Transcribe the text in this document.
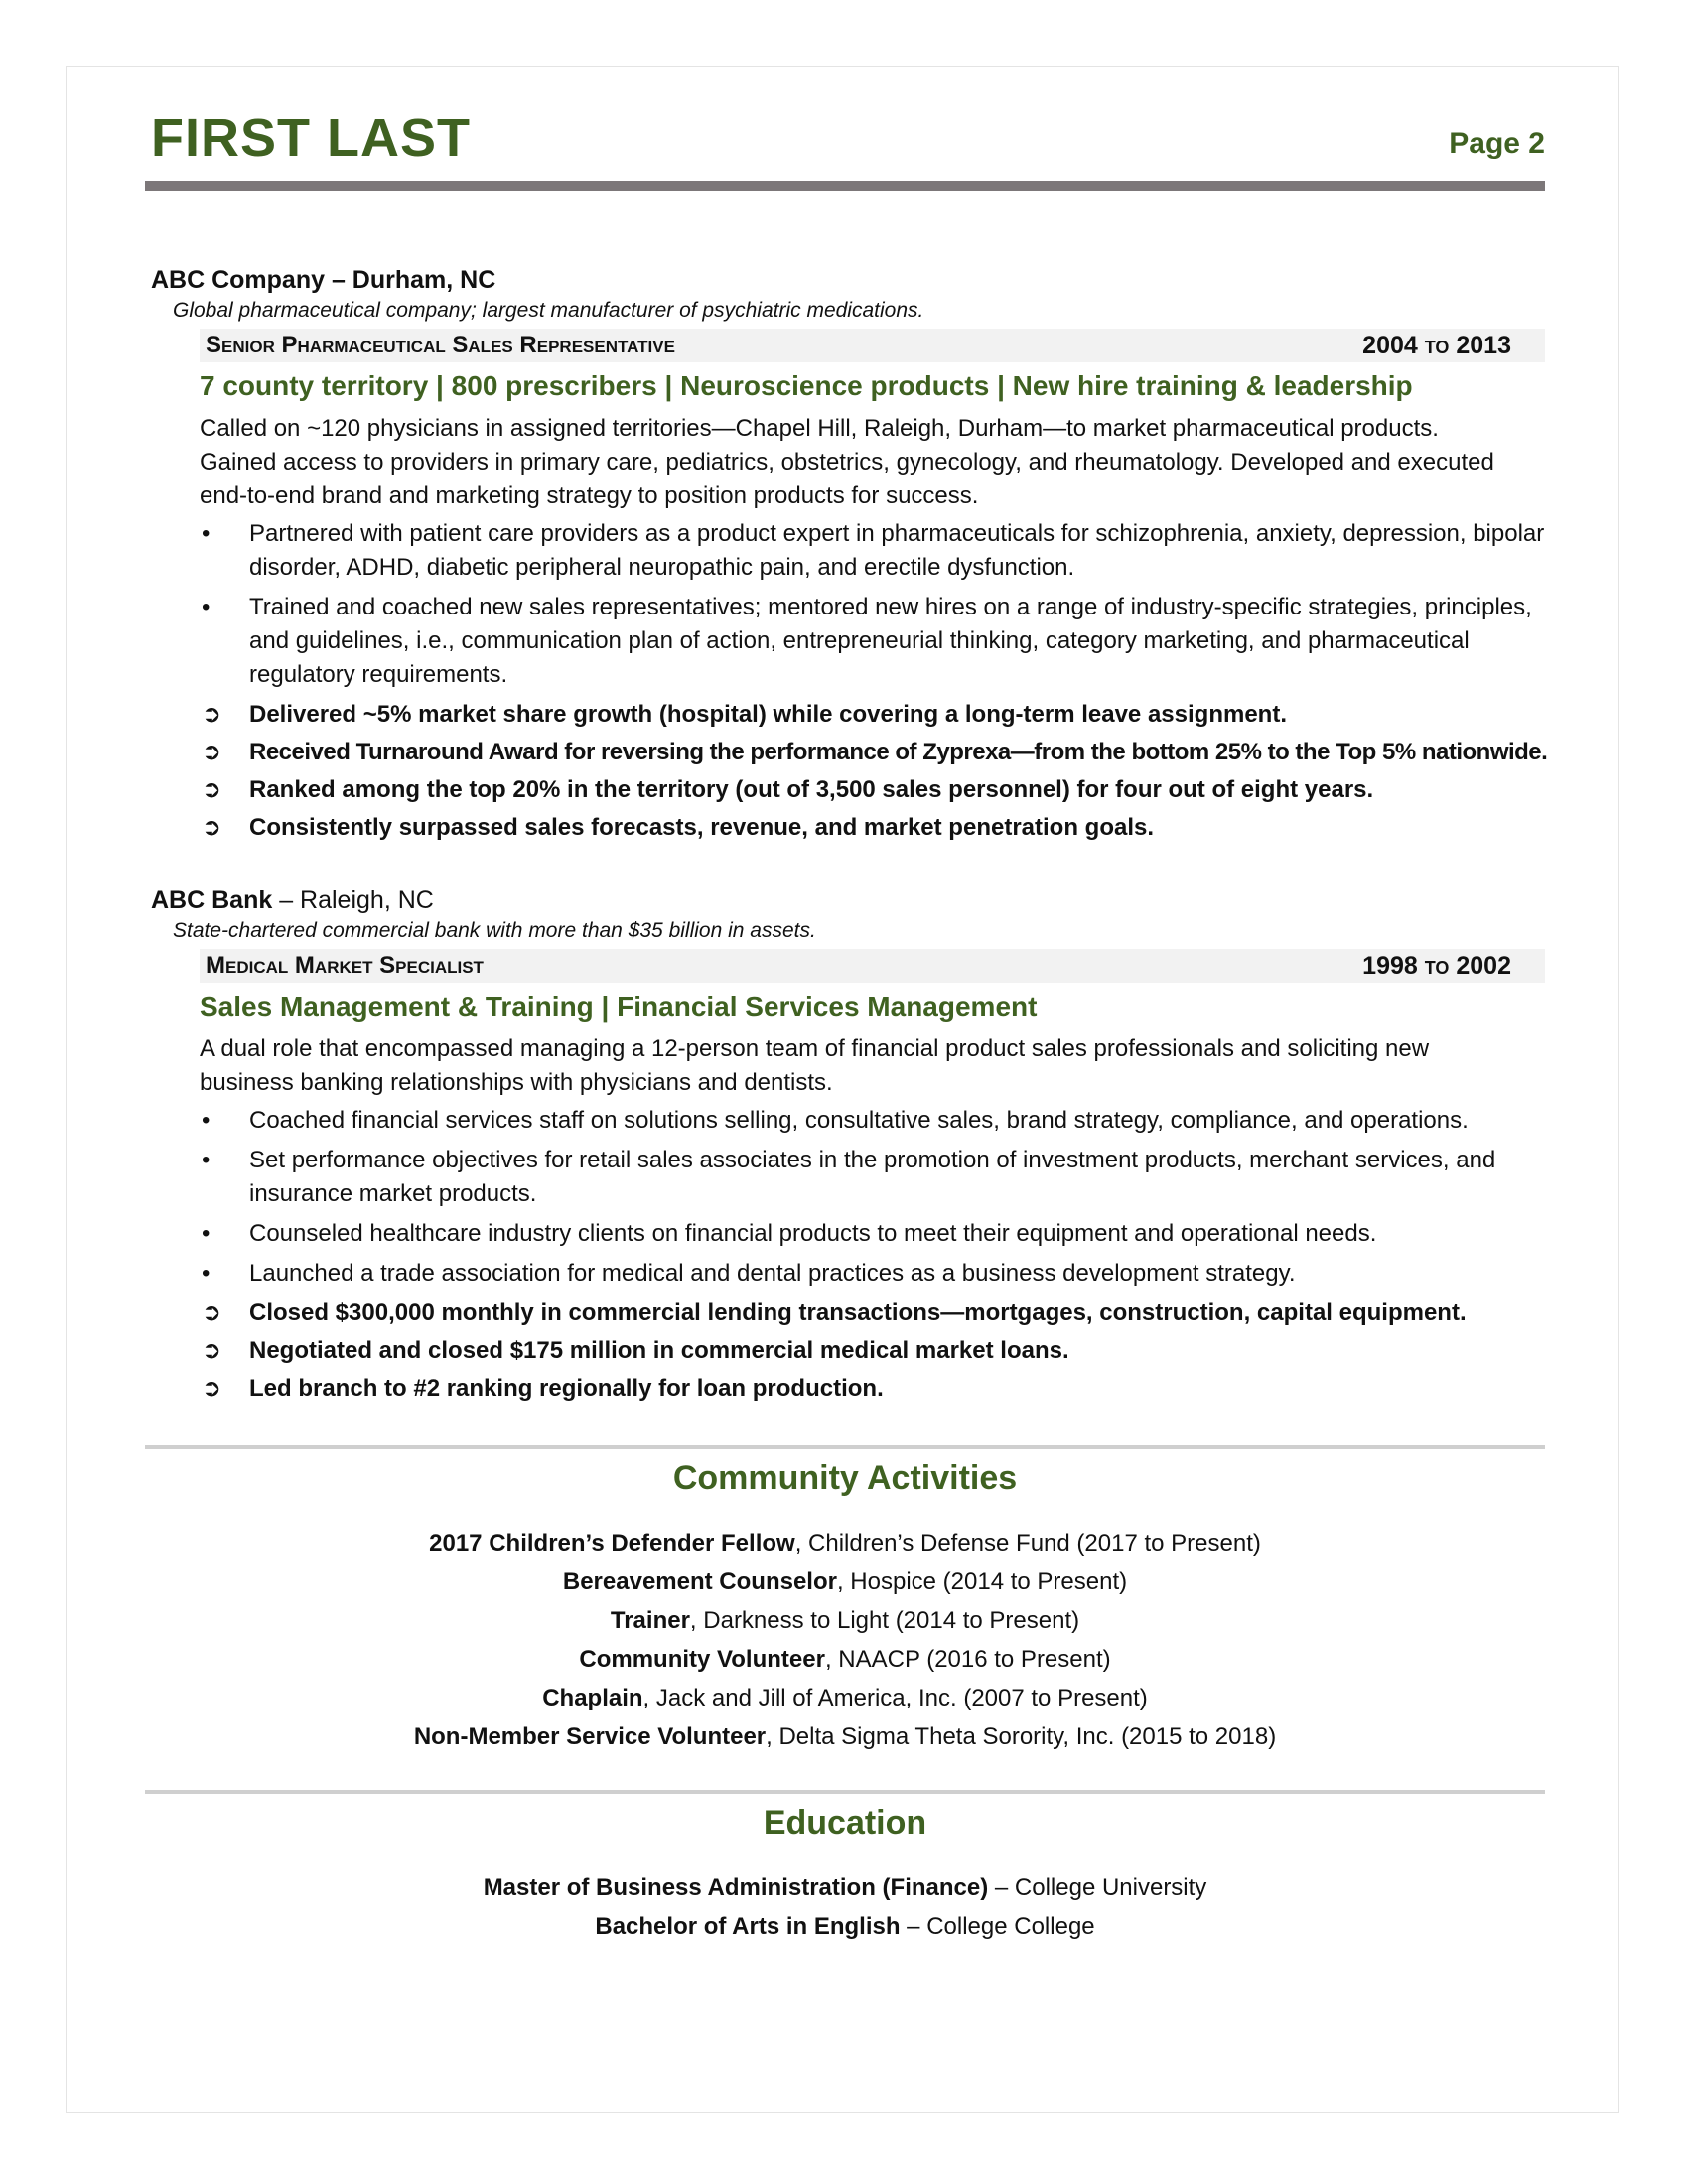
FIRST LAST	Page 2
ABC Company – Durham, NC
Global pharmaceutical company; largest manufacturer of psychiatric medications.
Senior Pharmaceutical Sales Representative	2004 TO 2013
7 county territory | 800 prescribers | Neuroscience products | New hire training & leadership
Called on ~120 physicians in assigned territories—Chapel Hill, Raleigh, Durham—to market pharmaceutical products. Gained access to providers in primary care, pediatrics, obstetrics, gynecology, and rheumatology. Developed and executed end-to-end brand and marketing strategy to position products for success.
• Partnered with patient care providers as a product expert in pharmaceuticals for schizophrenia, anxiety, depression, bipolar disorder, ADHD, diabetic peripheral neuropathic pain, and erectile dysfunction.
• Trained and coached new sales representatives; mentored new hires on a range of industry-specific strategies, principles, and guidelines, i.e., communication plan of action, entrepreneurial thinking, category marketing, and pharmaceutical regulatory requirements.
➲ Delivered ~5% market share growth (hospital) while covering a long-term leave assignment.
➲ Received Turnaround Award for reversing the performance of Zyprexa—from the bottom 25% to the Top 5% nationwide.
➲ Ranked among the top 20% in the territory (out of 3,500 sales personnel) for four out of eight years.
➲ Consistently surpassed sales forecasts, revenue, and market penetration goals.
ABC Bank – Raleigh, NC
State-chartered commercial bank with more than $35 billion in assets.
Medical Market Specialist	1998 TO 2002
Sales Management & Training | Financial Services Management
A dual role that encompassed managing a 12-person team of financial product sales professionals and soliciting new business banking relationships with physicians and dentists.
• Coached financial services staff on solutions selling, consultative sales, brand strategy, compliance, and operations.
• Set performance objectives for retail sales associates in the promotion of investment products, merchant services, and insurance market products.
• Counseled healthcare industry clients on financial products to meet their equipment and operational needs.
• Launched a trade association for medical and dental practices as a business development strategy.
➲ Closed $300,000 monthly in commercial lending transactions—mortgages, construction, capital equipment.
➲ Negotiated and closed $175 million in commercial medical market loans.
➲ Led branch to #2 ranking regionally for loan production.
Community Activities
2017 Children’s Defender Fellow, Children’s Defense Fund (2017 to Present)
Bereavement Counselor, Hospice (2014 to Present)
Trainer, Darkness to Light (2014 to Present)
Community Volunteer, NAACP (2016 to Present)
Chaplain, Jack and Jill of America, Inc. (2007 to Present)
Non-Member Service Volunteer, Delta Sigma Theta Sorority, Inc. (2015 to 2018)
Education
Master of Business Administration (Finance) – College University
Bachelor of Arts in English – College College
